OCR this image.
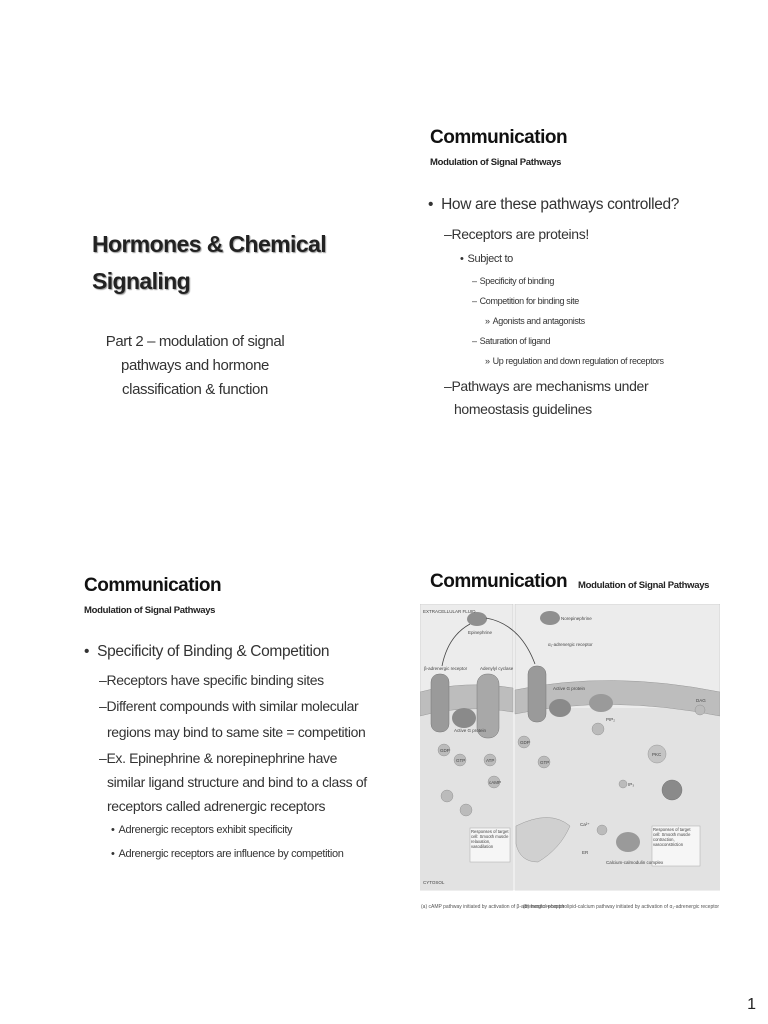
Hormones & Chemical
Signaling
Part 2 – modulation of signal
pathways and hormone
classification & function
Communication
Modulation of Signal Pathways
• How are these pathways controlled?
–Receptors are proteins!
• Subject to
– Specificity of binding
– Competition for binding site
» Agonists and antagonists
– Saturation of ligand
» Up regulation and down regulation of receptors
–Pathways are mechanisms under
homeostasis guidelines
Communication
Modulation of Signal Pathways
• Specificity of Binding & Competition
–Receptors have specific binding sites
–Different compounds with similar molecular
regions may bind to same site = competition
–Ex. Epinephrine & norepinephrine have
similar ligand structure and bind to a class of
receptors called adrenergic receptors
• Adrenergic receptors exhibit specificity
• Adrenergic receptors are influence by competition
Communication Modulation of Signal Pathways
EXTRACELLULAR FLUID
CYTOSOL
Epinephrine
Norepinephrine
β-adrenergic receptor
α₁-adrenergic receptor
Adenylyl cyclase
Active G protein
Active G protein
GDP
GTP	ATP
cAMP
GDP
GTP
PIP₂
DAG
PKC
IP₃
Ca²⁺
ER
Calcium-calmodulin complex
Responses of target cell: Smooth muscle relaxation, vasodilation
Responses of target cell: Smooth muscle contraction, vasoconstriction
(a) cAMP pathway initiated by activation of β-adrenergic receptor
(b) Inositol-phospholipid-calcium pathway initiated by activation of α₁-adrenergic receptor
1
